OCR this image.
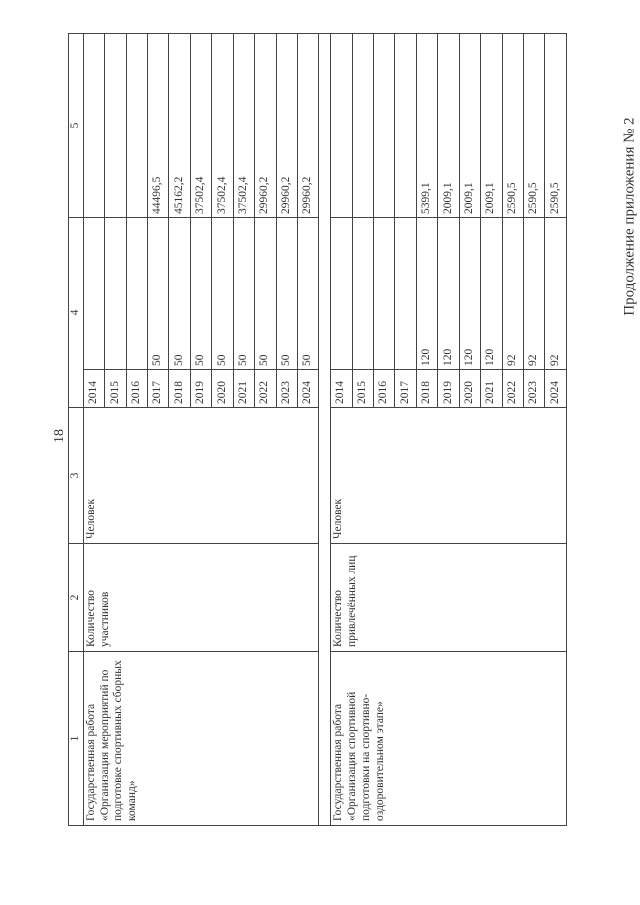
18
Продолжение приложения № 2
1	2	3	4		5
Государственная работа «Организация мероприятий по подготовке спортивных сборных команд»	Количество участников	Человек	2014		
			2015		
			2016		
			2017	50	44496,5
			2018	50	45162,2
			2019	50	37502,4
			2020	50	37502,4
			2021	50	37502,4
			2022	50	29960,2
			2023	50	29960,2
			2024	50	29960,2

Государственная работа «Организация спортивной подготовки на спортивно-оздоровительном этапе»	Количество привлечённых лиц	Человек	2014		
			2015		
			2016		
			2017		
			2018	120	5399,1
			2019	120	2009,1
			2020	120	2009,1
			2021	120	2009,1
			2022	92	2590,5
			2023	92	2590,5
			2024	92	2590,5
